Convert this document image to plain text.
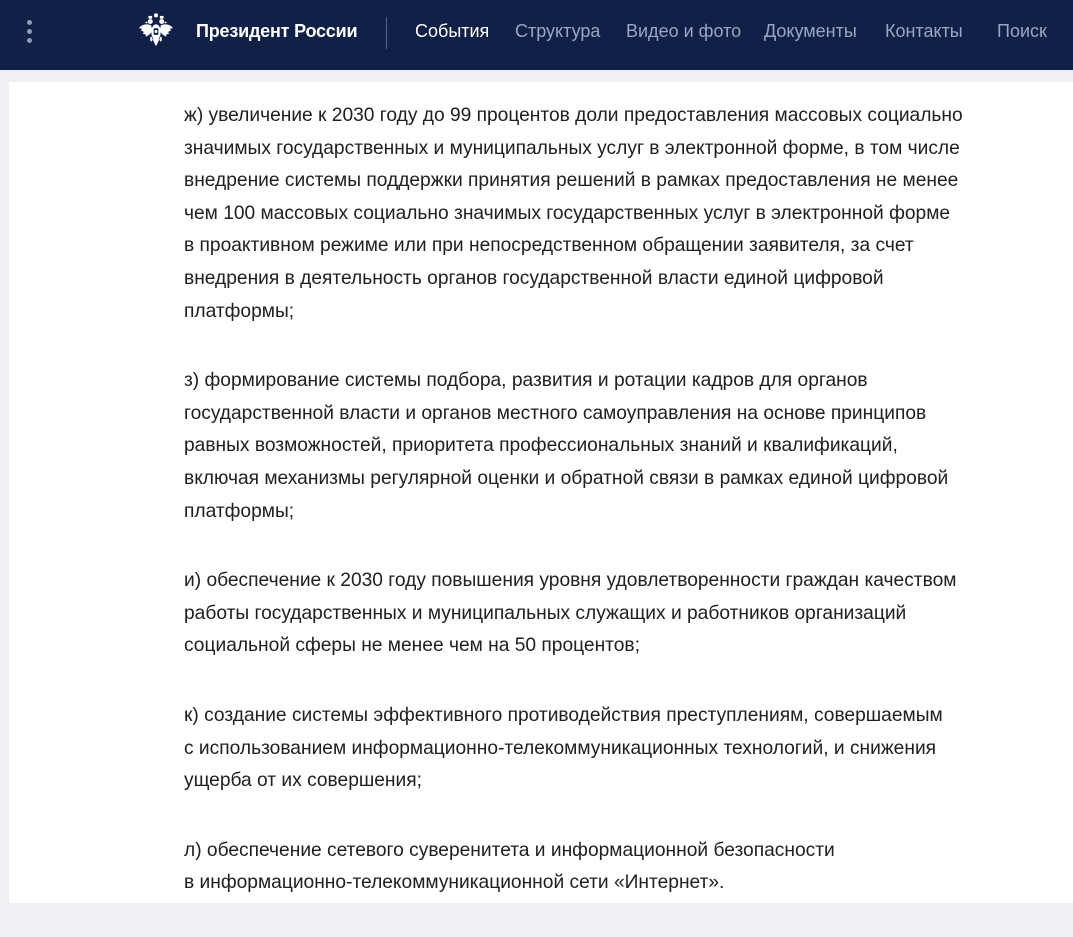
Президент России	События Структура Видео и фото Документы Контакты Поиск

ж) увеличение к 2030 году до 99 процентов доли предоставления массовых социально
значимых государственных и муниципальных услуг в электронной форме, в том числе
внедрение системы поддержки принятия решений в рамках предоставления не менее
чем 100 массовых социально значимых государственных услуг в электронной форме
в проактивном режиме или при непосредственном обращении заявителя, за счет
внедрения в деятельность органов государственной власти единой цифровой
платформы;

з) формирование системы подбора, развития и ротации кадров для органов
государственной власти и органов местного самоуправления на основе принципов
равных возможностей, приоритета профессиональных знаний и квалификаций,
включая механизмы регулярной оценки и обратной связи в рамках единой цифровой
платформы;

и) обеспечение к 2030 году повышения уровня удовлетворенности граждан качеством
работы государственных и муниципальных служащих и работников организаций
социальной сферы не менее чем на 50 процентов;

к) создание системы эффективного противодействия преступлениям, совершаемым
с использованием информационно-телекоммуникационных технологий, и снижения
ущерба от их совершения;

л) обеспечение сетевого суверенитета и информационной безопасности
в информационно-телекоммуникационной сети «Интернет».
